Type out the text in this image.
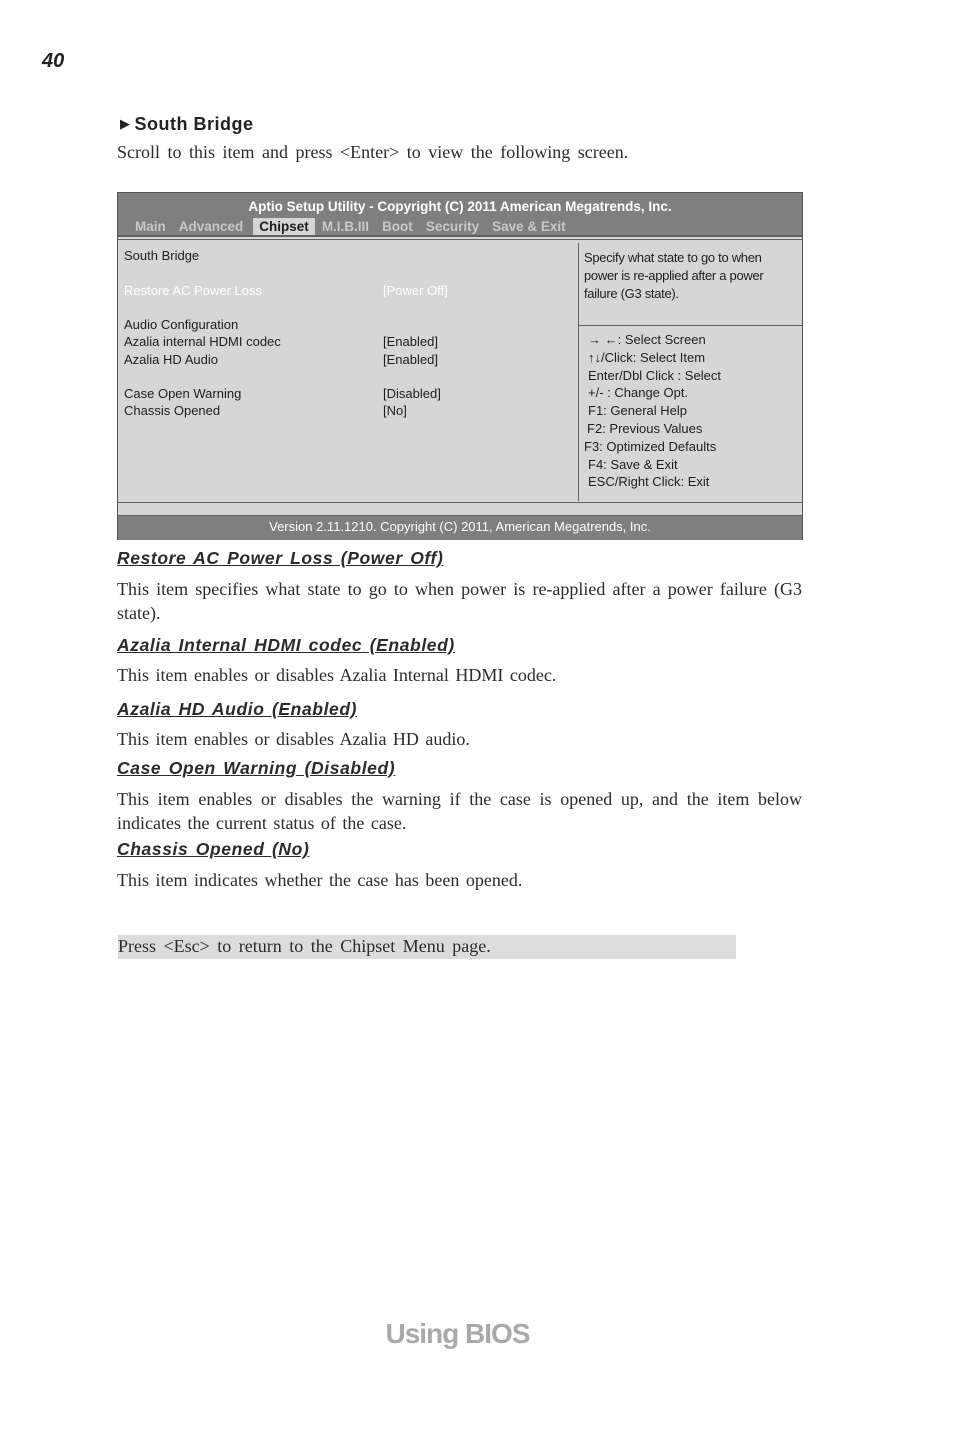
40
▶ South Bridge
Scroll to this item and press <Enter> to view the following screen.
Aptio Setup Utility - Copyright (C) 2011 American Megatrends, Inc.
Main Advanced	Chipset M.I.B.III Boot Security Save & Exit
South Bridge
Restore AC Power Loss	[Power Off]
Audio Configuration
Azalia internal HDMI codec	[Enabled]
Azalia HD Audio	[Enabled]
Case Open Warning	[Disabled]
Chassis Opened	[No]
Specify what state to go to when power is re-applied after a power failure (G3 state).
→ ←: Select Screen
↑↓/Click: Select Item
Enter/Dbl Click : Select
+/- : Change Opt.
F1: General Help
F2: Previous Values
F3: Optimized Defaults
F4: Save & Exit
ESC/Right Click: Exit
Version 2.11.1210. Copyright (C) 2011, American Megatrends, Inc.
Restore AC Power Loss (Power Off)
This item specifies what state to go to when power is re-applied after a power failure (G3 state).
Azalia Internal HDMI codec (Enabled)
This item enables or disables Azalia Internal HDMI codec.
Azalia HD Audio (Enabled)
This item enables or disables Azalia HD audio.
Case Open Warning (Disabled)
This item enables or disables the warning if the case is opened up, and the item below indicates the current status of the case.
Chassis Opened (No)
This item indicates whether the case has been opened.
Press <Esc> to return to the Chipset Menu page.
Using BIOS
